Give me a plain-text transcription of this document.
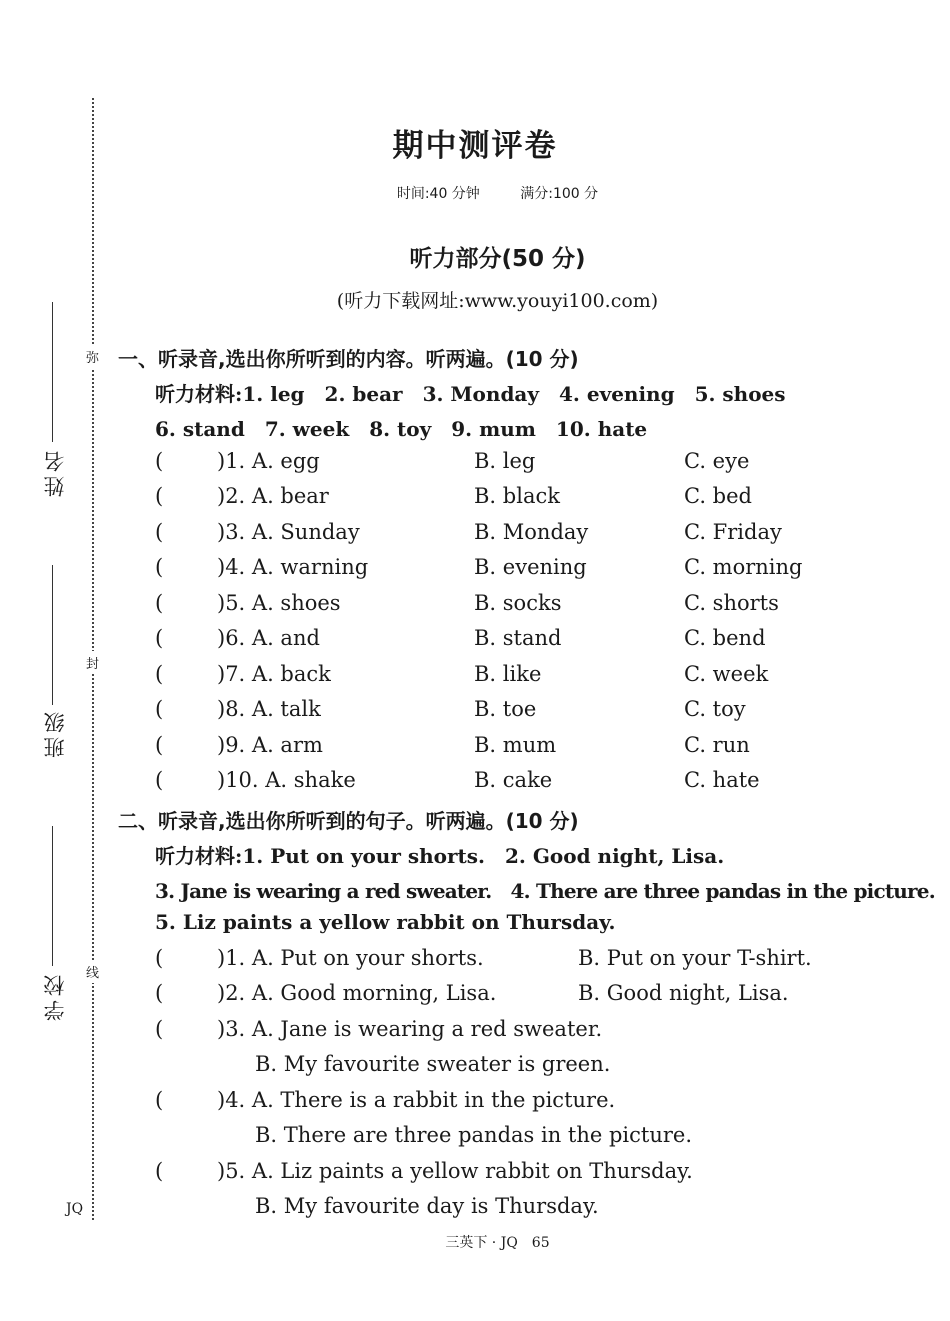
弥
封
线
JQ
姓名
班级
学校
期中测评卷
时间:40 分钟	满分:100 分
听力部分(50 分)
(听力下载网址:www.youyi100.com)
一、听录音,选出你所听到的内容。听两遍。(10 分)
听力材料:1. leg　2. bear　3. Monday　4. evening　5. shoes
6. stand　7. week　8. toy　9. mum　10. hate
(	)1. A. egg	B. leg	C. eye
(	)2. A. bear	B. black	C. bed
(	)3. A. Sunday	B. Monday	C. Friday
(	)4. A. warning	B. evening	C. morning
(	)5. A. shoes	B. socks	C. shorts
(	)6. A. and	B. stand	C. bend
(	)7. A. back	B. like	C. week
(	)8. A. talk	B. toe	C. toy
(	)9. A. arm	B. mum	C. run
(	)10. A. shake	B. cake	C. hate
二、听录音,选出你所听到的句子。听两遍。(10 分)
听力材料:1. Put on your shorts.　2. Good night, Lisa.
3. Jane is wearing a red sweater.　4. There are three pandas in the picture.
5. Liz paints a yellow rabbit on Thursday.
(	)1. A. Put on your shorts.	B. Put on your T-shirt.
(	)2. A. Good morning, Lisa.	B. Good night, Lisa.
(	)3. A. Jane is wearing a red sweater.
B. My favourite sweater is green.
(	)4. A. There is a rabbit in the picture.
B. There are three pandas in the picture.
(	)5. A. Liz paints a yellow rabbit on Thursday.
B. My favourite day is Thursday.
三英下 · JQ　65
